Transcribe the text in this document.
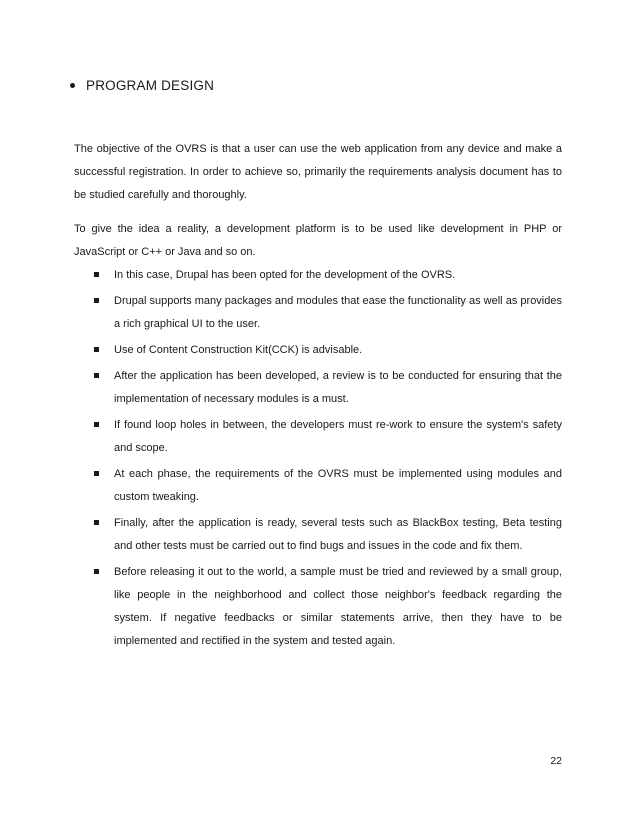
PROGRAM DESIGN

The objective of the OVRS is that a user can use the web application from any device and make a successful registration. In order to achieve so, primarily the requirements analysis document has to be studied carefully and thoroughly.

To give the idea a reality, a development platform is to be used like development in PHP or JavaScript or C++ or Java and so on.

In this case, Drupal has been opted for the development of the OVRS.
Drupal supports many packages and modules that ease the functionality as well as provides a rich graphical UI to the user.
Use of Content Construction Kit(CCK) is advisable.
After the application has been developed, a review is to be conducted for ensuring that the implementation of necessary modules is a must.
If found loop holes in between, the developers must re-work to ensure the system's safety and scope.
At each phase, the requirements of the OVRS must be implemented using modules and custom tweaking.
Finally, after the application is ready, several tests such as BlackBox testing, Beta testing and other tests must be carried out to find bugs and issues in the code and fix them.
Before releasing it out to the world, a sample must be tried and reviewed by a small group, like people in the neighborhood and collect those neighbor's feedback regarding the system. If negative feedbacks or similar statements arrive, then they have to be implemented and rectified in the system and tested again.
22
